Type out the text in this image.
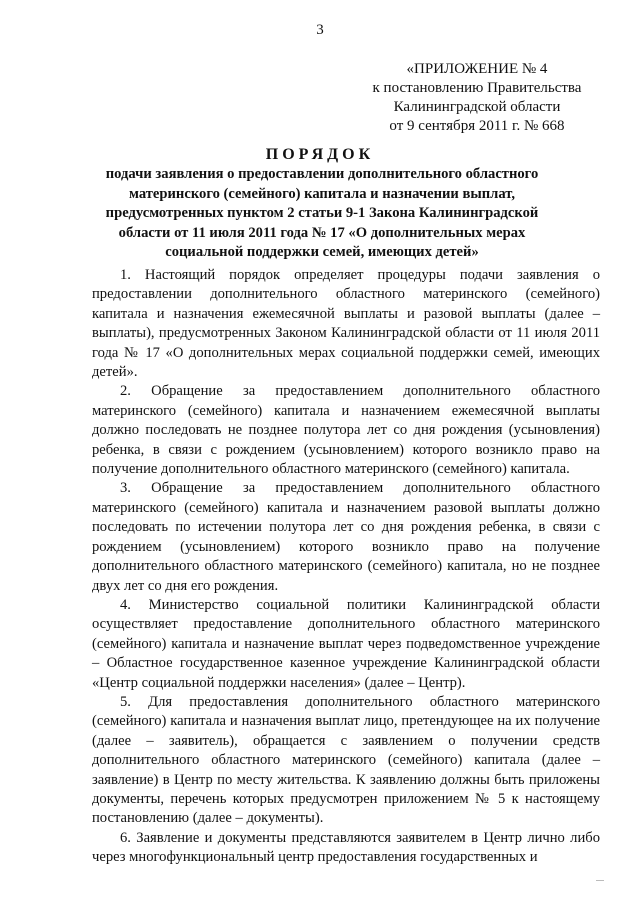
3
«ПРИЛОЖЕНИЕ № 4
к постановлению Правительства
Калининградской области
от 9 сентября 2011 г. № 668
ПОРЯДОК
подачи заявления о предоставлении дополнительного областного
материнского (семейного) капитала и назначении выплат,
предусмотренных пунктом 2 статьи 9-1 Закона Калининградской
области от 11 июля 2011 года № 17 «О дополнительных мерах
социальной поддержки семей, имеющих детей»

1. Настоящий порядок определяет процедуры подачи заявления о предоставлении дополнительного областного материнского (семейного) капитала и назначения ежемесячной выплаты и разовой выплаты (далее – выплаты), предусмотренных Законом Калининградской области от 11 июля 2011 года № 17 «О дополнительных мерах социальной поддержки семей, имеющих детей».

2. Обращение за предоставлением дополнительного областного материнского (семейного) капитала и назначением ежемесячной выплаты должно последовать не позднее полутора лет со дня рождения (усыновления) ребенка, в связи с рождением (усыновлением) которого возникло право на получение дополнительного областного материнского (семейного) капитала.

3. Обращение за предоставлением дополнительного областного материнского (семейного) капитала и назначением разовой выплаты должно последовать по истечении полутора лет со дня рождения ребенка, в связи с рождением (усыновлением) которого возникло право на получение дополнительного областного материнского (семейного) капитала, но не позднее двух лет со дня его рождения.

4. Министерство социальной политики Калининградской области осуществляет предоставление дополнительного областного материнского (семейного) капитала и назначение выплат через подведомственное учреждение – Областное государственное казенное учреждение Калининградской области «Центр социальной поддержки населения» (далее – Центр).

5. Для предоставления дополнительного областного материнского (семейного) капитала и назначения выплат лицо, претендующее на их получение (далее – заявитель), обращается с заявлением о получении средств дополнительного областного материнского (семейного) капитала (далее – заявление) в Центр по месту жительства. К заявлению должны быть приложены документы, перечень которых предусмотрен приложением № 5 к настоящему постановлению (далее – документы).

6. Заявление и документы представляются заявителем в Центр лично либо через многофункциональный центр предоставления государственных и
